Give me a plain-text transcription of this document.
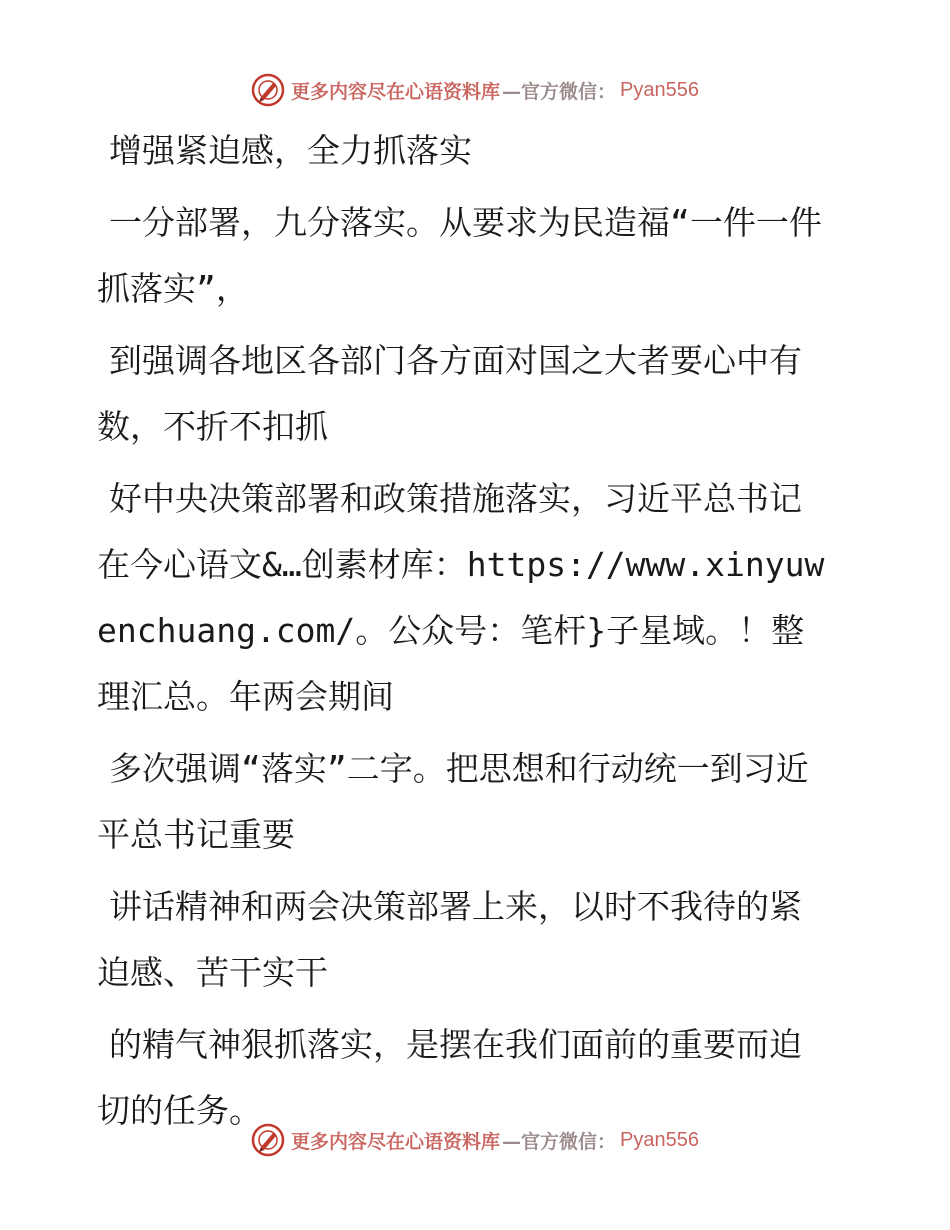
更多内容尽在心语资料库 —官方微信： Pyan556

增强紧迫感，全力抓落实

一分部署，九分落实。从要求为民造福“一件一件抓落实”，

到强调各地区各部门各方面对国之大者要心中有数，不折不扣抓

好中央决策部署和政策措施落实，习近平总书记在今心语文&…创素材库：https://www.xinyuwenchuang.com/。公众号：笔杆}子星域。！整理汇总。年两会期间

多次强调“落实”二字。把思想和行动统一到习近平总书记重要

讲话精神和两会决策部署上来，以时不我待的紧迫感、苦干实干

的精气神狠抓落实，是摆在我们面前的重要而迫切的任务。

更多内容尽在心语资料库 —官方微信： Pyan556
